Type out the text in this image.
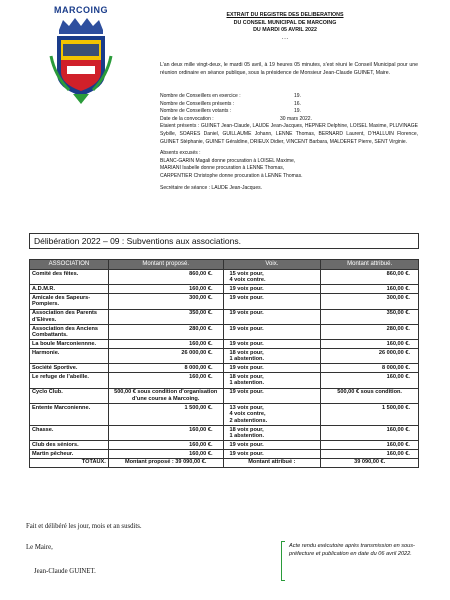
MARCOING	EXTRAIT DU REGISTRE DES DELIBERATIONS
DU CONSEIL MUNICIPAL DE MARCOING
DU MARDI 05 AVRIL 2022
- - -
L’an deux mille vingt-deux, le mardi 05 avril, à 19 heures 05 minutes, s’est réuni le Conseil Municipal pour une réunion ordinaire en séance publique, sous la présidence de Monsieur Jean-Claude GUINET, Maire.
Nombre de Conseillers en exercice :	19.
Nombre de Conseillers présents :	16.
Nombre de Conseillers votants :	19.
Date de la convocation :	30 mars 2022.
Etaient présents : GUINET Jean-Claude, LAUDE Jean-Jacques, HEPNER Delphine, LOISEL Maxime, PLUVINAGE Sybille, SOARES Daniel, GUILLAUME Johann, LENNE Thomas, BERNARD Laurent, D’HALLUIN Florence, GUINET Stéphanie, GUINET Géraldine, DRIEUX Didier, VINCENT Barbara, MALDERET Pierre, SENT Virginie.
Absents excusés :
BLANC-GARIN Magali donne procuration à LOISEL Maxime,
MARIANI Isabelle donne procuration à LENNE Thomas,
CARPENTIER Christophe donne procuration à LENNE Thomas.
Secrétaire de séance : LAUDE Jean-Jacques.
Délibération 2022 – 09 : Subventions aux associations.
ASSOCIATION	Montant proposé.	Voix.	Montant attribué.
Comité des fêtes.	860,00 €.	15 voix pour,
4 voix contre.	860,00 €.
A.D.M.R.	160,00 €.	19 voix pour.	160,00 €.
Amicale des Sapeurs-Pompiers.	300,00 €.	19 voix pour.	300,00 €.
Association des Parents d’Elèves.	350,00 €.	19 voix pour.	350,00 €.
Association des Anciens Combattants.	280,00 €.	19 voix pour.	280,00 €.
La boule Marconiennne.	160,00 €.	19 voix pour.	160,00 €.
Harmonie.	26 000,00 €.	18 voix pour,
1 abstention.	26 000,00 €.
Société Sportive.	8 000,00 €.	19 voix pour.	8 000,00 €.
Le refuge de l’abeille.	160,00 €.	18 voix pour,
1 abstention.	160,00 €.
Cyclo Club.	500,00 € sous condition d’organisation d’une course à Marcoing.	19 voix pour.	500,00 € sous condition.
Entente Marconienne.	1 500,00 €.	13 voix pour,
4 voix contre,
2 abstentions.	1 500,00 €.
Chasse.	160,00 €.	18 voix pour,
1 abstention.	160,00 €.
Club des séniors.	160,00 €.	19 voix pour.	160,00 €.
Martin pêcheur.	160,00 €.	19 voix pour.	160,00 €.
TOTAUX.	Montant proposé : 39 090,00 €.	Montant attribué :	39 090,00 €.
Fait et délibéré les jour, mois et an susdits.
Le Maire,
Jean-Claude GUINET.
Acte rendu exécutoire après transmission en sous-préfecture et publication en date du 06 avril 2022.
